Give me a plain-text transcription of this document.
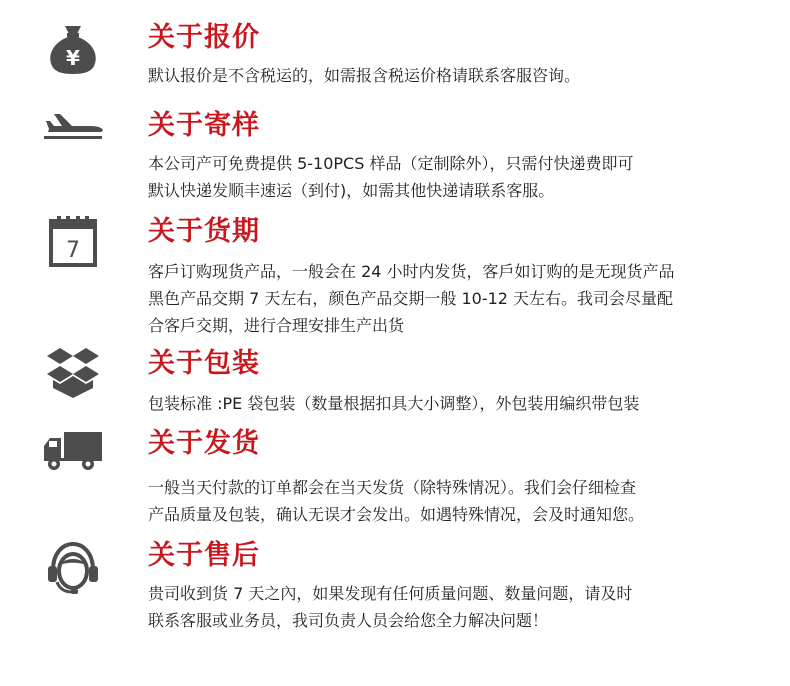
¥
关于报价
默认报价是不含税运的，如需报含税运价格请联系客服咨询。
关于寄样
本公司产可免费提供 5-10PCS 样品（定制除外），只需付快递费即可
默认快递发顺丰速运（到付)，如需其他快递请联系客服。
7
关于货期
客戶订购现货产品，一般会在 24 小时内发货，客戶如订购的是无现货产品
黑色产品交期 7 天左右，颜色产品交期一般 10-12 天左右。我司会尽量配
合客戶交期，进行合理安排生产出货
关于包装
包装标准 :PE 袋包装（数量根据扣具大小调整），外包装用编织带包装
关于发货
一般当天付款的订单都会在当天发货（除特殊情况）。我们会仔细检查
产品质量及包装，确认无误才会发出。如遇特殊情况，会及时通知您。
关于售后
贵司收到货 7 天之內，如果发现有任何质量问题、数量问题，请及时
联系客服或业务员，我司负责人员会给您全力解决问题！
